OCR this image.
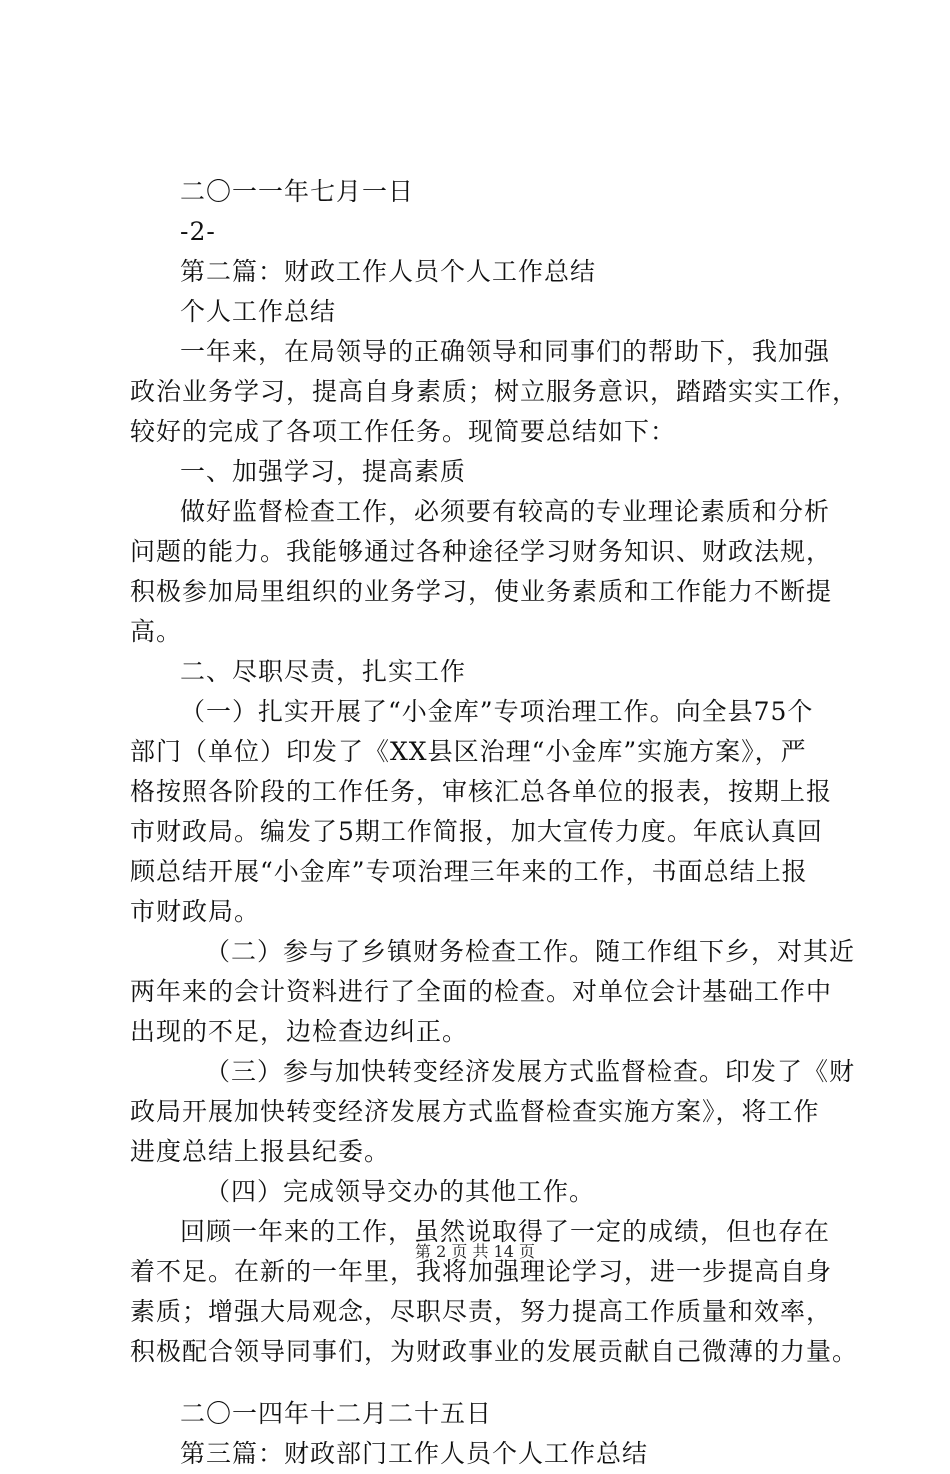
二〇一一年七月一日
-2-
第二篇：财政工作人员个人工作总结
个人工作总结
一年来，在局领导的正确领导和同事们的帮助下，我加强
政治业务学习，提高自身素质；树立服务意识，踏踏实实工作，
较好的完成了各项工作任务。现简要总结如下：
一、加强学习，提高素质
做好监督检查工作，必须要有较高的专业理论素质和分析
问题的能力。我能够通过各种途径学习财务知识、财政法规，
积极参加局里组织的业务学习，使业务素质和工作能力不断提
高。
二、尽职尽责，扎实工作
（一）扎实开展了“小金库”专项治理工作。向全县75个
部门（单位）印发了《XX县区治理“小金库”实施方案》，严
格按照各阶段的工作任务，审核汇总各单位的报表，按期上报
市财政局。编发了5期工作简报，加大宣传力度。年底认真回
顾总结开展“小金库”专项治理三年来的工作，书面总结上报
市财政局。
（二）参与了乡镇财务检查工作。随工作组下乡，对其近
两年来的会计资料进行了全面的检查。对单位会计基础工作中
出现的不足，边检查边纠正。
（三）参与加快转变经济发展方式监督检查。印发了《财
政局开展加快转变经济发展方式监督检查实施方案》，将工作
进度总结上报县纪委。
（四）完成领导交办的其他工作。
回顾一年来的工作，虽然说取得了一定的成绩，但也存在
着不足。在新的一年里，我将加强理论学习，进一步提高自身
素质；增强大局观念，尽职尽责，努力提高工作质量和效率，
积极配合领导同事们，为财政事业的发展贡献自己微薄的力量。
二〇一四年十二月二十五日
第三篇：财政部门工作人员个人工作总结
第 2 页 共 14 页
